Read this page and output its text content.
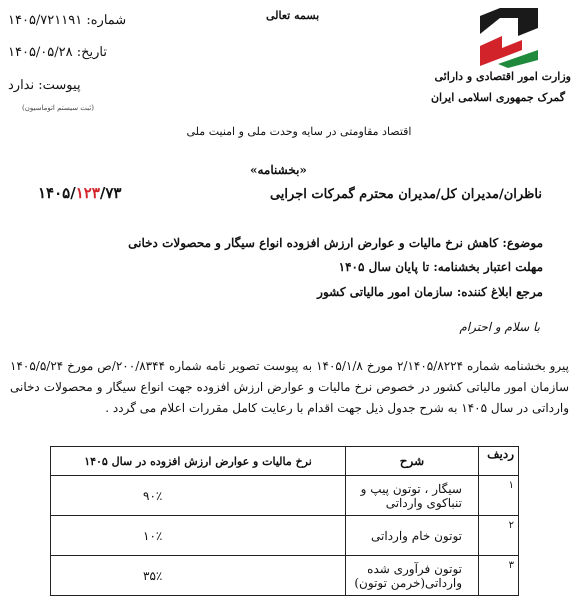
بسمه تعالی
شماره: ۱۴۰۵/۷۲۱۱۹۱
تاریخ: ۱۴۰۵/۰۵/۲۸
پیوست: ندارد
(ثبت سیستم اتوماسیون)
وزارت امور اقتصادی و دارائی
گمرک جمهوری اسلامی ایران
اقتصاد مقاومتی در سایه وحدت ملی و امنیت ملی
«بخشنامه»
۱۴۰۵/۱۲۳/۷۳	ناظران/مدیران کل/مدیران محترم گمرکات اجرایی
موضوع: کاهش نرخ مالیات و عوارض ارزش افزوده انواع سیگار و محصولات دخانی
مهلت اعتبار بخشنامه: تا پایان سال ۱۴۰۵
مرجع ابلاغ کننده: سازمان امور مالیاتی کشور
با سلام و احترام
پیرو بخشنامه شماره ۲/۱۴۰۵/۸۲۲۴ مورخ ۱۴۰۵/۱/۸ به پیوست تصویر نامه شماره ۲۰۰/۸۳۴۴/ص مورخ ۱۴۰۵/۵/۲۴ سازمان امور مالیاتی کشور در خصوص نرخ مالیات و عوارض ارزش افزوده جهت انواع سیگار و محصولات دخانی وارداتی در سال ۱۴۰۵ به شرح جدول ذیل جهت اقدام با رعایت کامل مقررات اعلام می گردد .
ردیف	شرح	نرخ مالیات و عوارض ارزش افزوده در سال ۱۴۰۵
۱	سیگار ، توتون پیپ و تنباکوی وارداتی	۹۰٪
۲	توتون خام وارداتی	۱۰٪
۳	توتون فرآوری شده وارداتی(خرمن توتون)	۳۵٪
